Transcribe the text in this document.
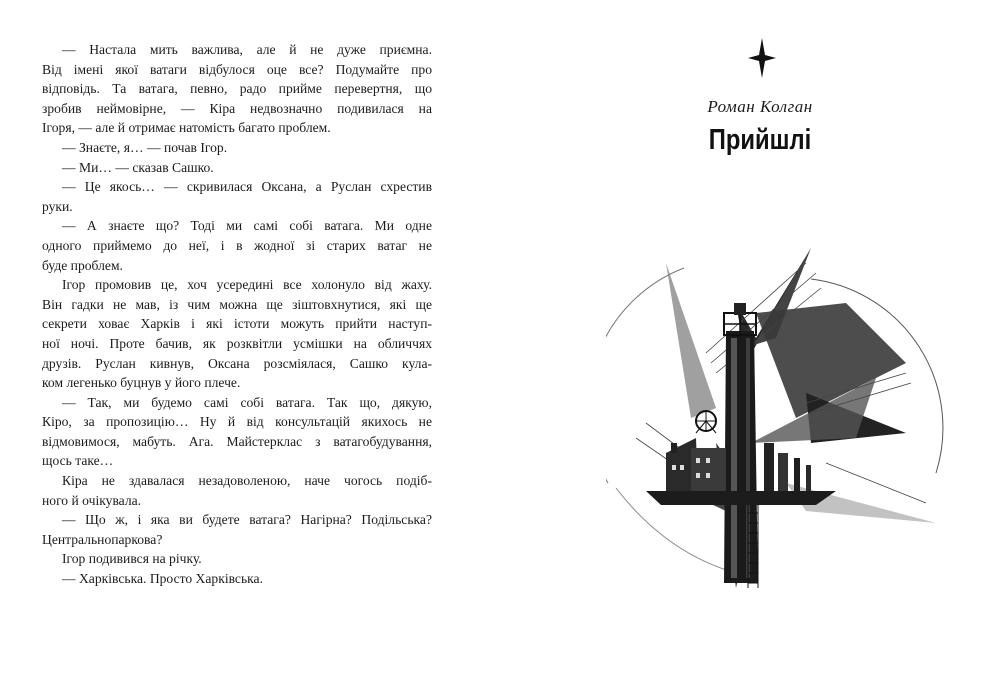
— Настала мить важлива, але й не дуже приємна.

Від імені якої ватаги відбулося оце все? Подумайте про

відповідь. Та ватага, певно, радо прийме перевертня, що

зробив неймовірне, — Кіра недвозначно подивилася на

Ігоря, — але й отримає натомість багато проблем.

— Знаєте, я… — почав Ігор.

— Ми… — сказав Сашко.

— Це якось… — скривилася Оксана, а Руслан схрестив

руки.

— А знаєте що? Тоді ми самі собі ватага. Ми одне

одного приймемо до неї, і в жодної зі старих ватаг не

буде проблем.

Ігор промовив це, хоч усередині все холонуло від жаху.

Він гадки не мав, із чим можна ще зіштовхнутися, які ще

секрети ховає Харків і які істоти можуть прийти наступ-

ної ночі. Проте бачив, як розквітли усмішки на обличчях

друзів. Руслан кивнув, Оксана розсміялася, Сашко кула-

ком легенько буцнув у його плече.

— Так, ми будемо самі собі ватага. Так що, дякую,

Кіро, за пропозицію… Ну й від консультацій якихось не

відмовимося, мабуть. Ага. Майстерклас з ватагобудування,

щось таке…

Кіра не здавалася незадоволеною, наче чогось подіб-

ного й очікувала.

— Що ж, і яка ви будете ватага? Нагірна? Подільська?

Центральнопаркова?

Ігор подивився на річку.

— Харківська. Просто Харківська.

Роман Колган
Прийшлі
